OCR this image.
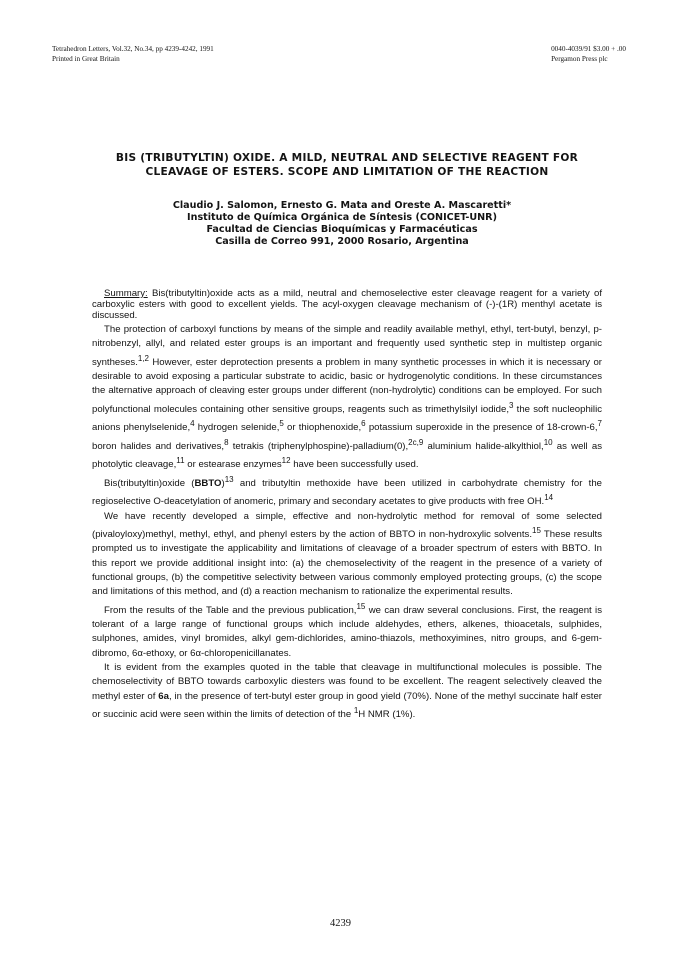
Tetrahedron Letters, Vol.32, No.34, pp 4239-4242, 1991
Printed in Great Britain
0040-4039/91 $3.00 + .00
Pergamon Press plc
BIS (TRIBUTYLTIN) OXIDE. A MILD, NEUTRAL AND SELECTIVE REAGENT FOR
CLEAVAGE OF ESTERS. SCOPE AND LIMITATION OF THE REACTION
Claudio J. Salomon, Ernesto G. Mata and Oreste A. Mascaretti*
Instituto de Química Orgánica de Síntesis (CONICET-UNR)
Facultad de Ciencias Bioquímicas y Farmacéuticas
Casilla de Correo 991, 2000 Rosario, Argentina

Summary: Bis(tributyltin)oxide acts as a mild, neutral and chemoselective ester cleavage reagent for a variety of carboxylic esters with good to excellent yields. The acyl-oxygen cleavage mechanism of (-)-(1R) menthyl acetate is discussed.

The protection of carboxyl functions by means of the simple and readily available methyl, ethyl, tert-butyl, benzyl, p-nitrobenzyl, allyl, and related ester groups is an important and frequently used synthetic step in multistep organic syntheses.$^{1,2}$ However, ester deprotection presents a problem in many synthetic processes in which it is necessary or desirable to avoid exposing a particular substrate to acidic, basic or hydrogenolytic conditions. In these circumstances the alternative approach of cleaving ester groups under different (non-hydrolytic) conditions can be employed. For such polyfunctional molecules containing other sensitive groups, reagents such as trimethylsilyl iodide,$^3$ the soft nucleophilic anions phenylselenide,$^4$ hydrogen selenide,$^5$ or thiophenoxide,$^6$ potassium superoxide in the presence of 18-crown-6,$^7$ boron halides and derivatives,$^8$ tetrakis (triphenylphospine)-palladium(0),$^{2c,9}$ aluminium halide-alkylthiol,$^{10}$ as well as photolytic cleavage,$^{11}$ or estearase enzymes$^{12}$ have been successfully used.

Bis(tributyltin)oxide (BBTO)$^{13}$ and tributyltin methoxide have been utilized in carbohydrate chemistry for the regioselective O-deacetylation of anomeric, primary and secondary acetates to give products with free OH.$^{14}$

We have recently developed a simple, effective and non-hydrolytic method for removal of some selected (pivaloyloxy)methyl, methyl, ethyl, and phenyl esters by the action of BBTO in non-hydroxylic solvents.$^{15}$ These results prompted us to investigate the applicability and limitations of cleavage of a broader spectrum of esters with BBTO. In this report we provide additional insight into: (a) the chemoselectivity of the reagent in the presence of a variety of functional groups, (b) the competitive selectivity between various commonly employed protecting groups, (c) the scope and limitations of this method, and (d) a reaction mechanism to rationalize the experimental results.

From the results of the Table and the previous publication,$^{15}$ we can draw several conclusions. First, the reagent is tolerant of a large range of functional groups which include aldehydes, ethers, alkenes, thioacetals, sulphides, sulphones, amides, vinyl bromides, alkyl gem-dichlorides, amino-thiazols, methoxyimines, nitro groups, and 6-gem-dibromo, 6α-ethoxy, or 6α-chloropenicillanates.

It is evident from the examples quoted in the table that cleavage in multifunctional molecules is possible. The chemoselectivity of BBTO towards carboxylic diesters was found to be excellent. The reagent selectively cleaved the methyl ester of 6a, in the presence of tert-butyl ester group in good yield (70%). None of the methyl succinate half ester or succinic acid were seen within the limits of detection of the $^1$H NMR (1%).

4239
